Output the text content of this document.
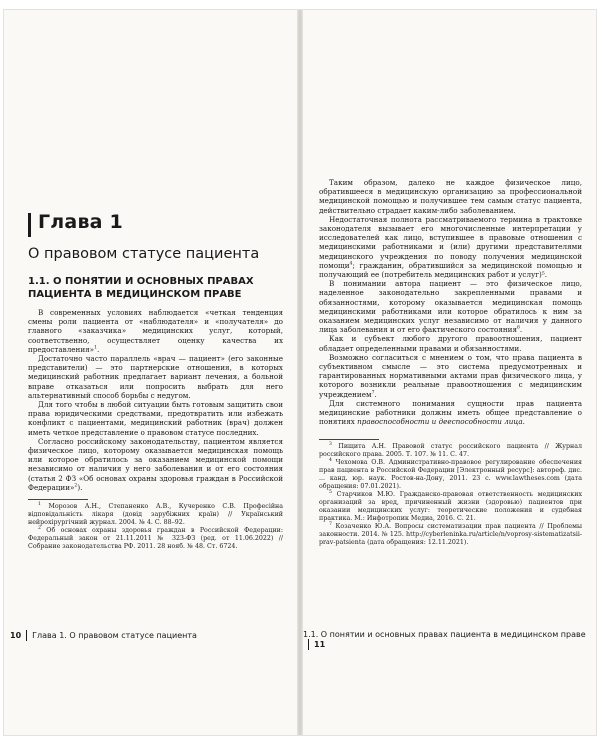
Глава 1
О правовом статусе пациента
1.1. О ПОНЯТИИ И ОСНОВНЫХ ПРАВАХ ПАЦИЕНТА В МЕДИЦИНСКОМ ПРАВЕ

В современных условиях наблюдается «четкая тенденция смены роли пациента от «наблюдателя» и «получателя» до главного «заказчика» медицинских услуг, который, соответственно, осуществляет оценку качества их предоставления»$^1$.

Достаточно часто параллель «врач — пациент» (его законные представители) — это партнерские отношения, в которых медицинский работник предлагает вариант лечения, а больной вправе отказаться или попросить выбрать для него альтернативный способ борьбы с недугом.

Для того чтобы в любой ситуации быть готовым защитить свои права юридическими средствами, предотвратить или избежать конфликт с пациентами, медицинский работник (врач) должен иметь четкое представление о правовом статусе последних.

Согласно российскому законодательству, пациентом является физическое лицо, которому оказывается медицинская помощь или которое обратилось за оказанием медицинской помощи независимо от наличия у него заболевания и от его состояния (статья 2 ФЗ «Об основах охраны здоровья граждан в Российской Федерации»$^2$).

$^1$ Морозов А.Н., Степаненко А.В., Кучеренко С.В. Професійна відповідальність лікаря (довід зарубіжних країн) // Український нейрохірургічний журнал. 2004. № 4. С. 88–92.

$^2$ Об основах охраны здоровья граждан в Российской Федерации: Федеральный закон от 21.11.2011 № 323-ФЗ (ред. от 11.06.2022) // Собрание законодательства РФ. 2011. 28 нояб. № 48. Ст. 6724.

10 Глава 1. О правовом статусе пациента

Таким образом, далеко не каждое физическое лицо, обратившееся в медицинскую организацию за профессиональной медицинской помощью и получившее тем самым статус пациента, действительно страдает каким-либо заболеванием.

Недостаточная полнота рассматриваемого термина в трактовке законодателя вызывает его многочисленные интерпретации у исследователей как лицо, вступившее в правовые отношения с медицинскими работниками и (или) другими представителями медицинского учреждения по поводу получения медицинской помощи$^4$; гражданин, обратившийся за медицинской помощью и получающий ее (потребитель медицинских работ и услуг)⁵.

В понимании автора пациент — это физическое лицо, наделенное законодательно закрепленными правами и обязанностями, которому оказывается медицинская помощь медицинскими работниками или которое обратилось к ним за оказанием медицинских услуг независимо от наличия у данного лица заболевания и от его фактического состояния$^6$.

Как и субъект любого другого правоотношения, пациент обладает определенными правами и обязанностями.

Возможно согласиться с мнением о том, что права пациента в субъективном смысле — это система предусмотренных и гарантированных нормативными актами прав физического лица, у которого возникли реальные правоотношения с медицинским учреждением$^7$.

Для системного понимания сущности прав пациента медицинские работники должны иметь общее представление о понятиях правоспособности и дееспособности лица.

$^3$ Пищита А.Н. Правовой статус российского пациента // Журнал российского права. 2005. Т. 107. № 11. С. 47.

$^4$ Чехомова О.В. Административно-правовое регулирование обеспечения прав пациента в Российской Федерации [Электронный ресурс]: автореф. дис. ... канд. юр. наук. Ростов-на-Дону, 2011. 23 с. www.lawtheses.com (дата обращения: 07.01.2021).

$^5$ Старчиков М.Ю. Гражданско-правовая ответственность медицинских организаций за вред, причиненный жизни (здоровью) пациентов при оказании медицинских услуг: теоретические положения и судебная практика. М.: Инфотропик Медиа, 2016. С. 21.

$^7$ Козаченко Ю.А. Вопросы систематизации прав пациента // Проблемы законности. 2014. № 125. http://cyberleninka.ru/article/n/voprosy-sistematizatsii-prav-patsienta (дата обращения: 12.11.2021).

1.1. О понятии и основных правах пациента в медицинском праве11
